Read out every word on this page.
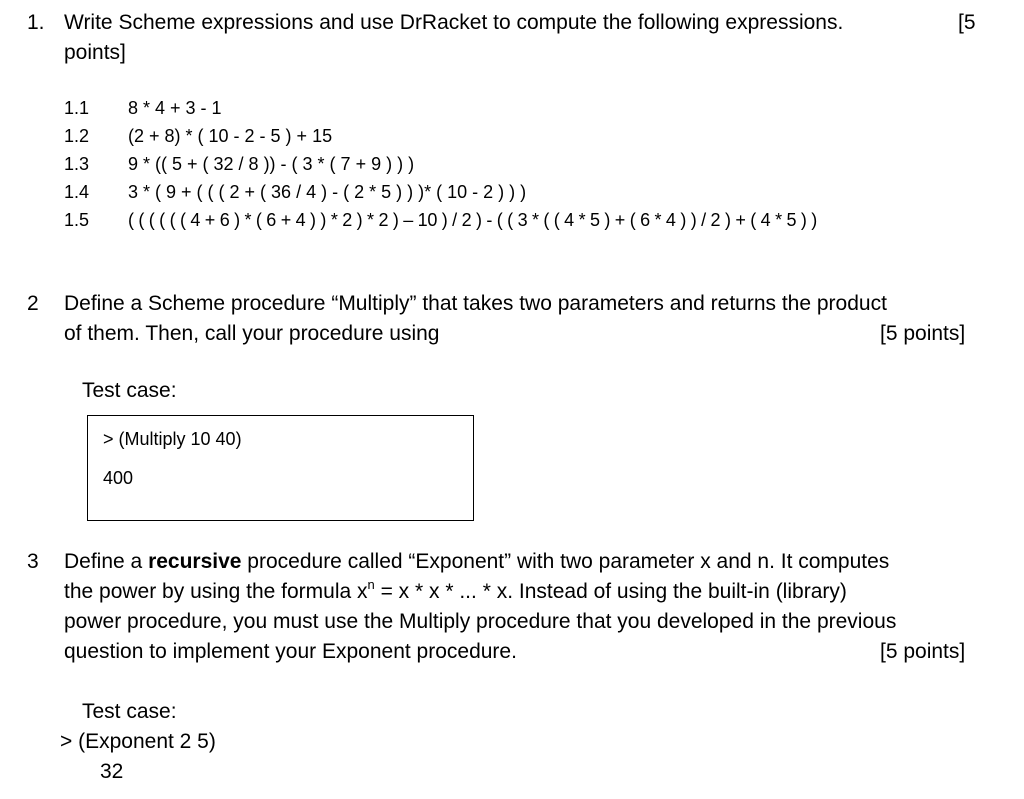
1. Write Scheme expressions and use DrRacket to compute the following expressions.	[5
points]
1.1 8 * 4 + 3 - 1
1.2 (2 + 8) * ( 10 - 2 - 5 ) + 15
1.3 9 * (( 5 + ( 32 / 8 )) - ( 3 * ( 7 + 9 ) ) )
1.4 3 * ( 9 + ( ( ( 2 + ( 36 / 4 ) - ( 2 * 5 ) ) )* ( 10 - 2 ) ) )
1.5 ( ( ( ( ( ( 4 + 6 ) * ( 6 + 4 ) ) * 2 ) * 2 ) – 10 ) / 2 ) - ( ( 3 * ( ( 4 * 5 ) + ( 6 * 4 ) ) / 2 ) + ( 4 * 5 ) )
2 Define a Scheme procedure “Multiply” that takes two parameters and returns the product
of them. Then, call your procedure using	[5 points]
Test case:
> (Multiply 10 40)
400
3 Define a recursive procedure called “Exponent” with two parameter x and n. It computes
the power by using the formula $x^n = x * x$ * ... * x. Instead of using the built-in (library)
power procedure, you must use the Multiply procedure that you developed in the previous
question to implement your Exponent procedure.	[5 points]
Test case:
> (Exponent 2 5)
32
